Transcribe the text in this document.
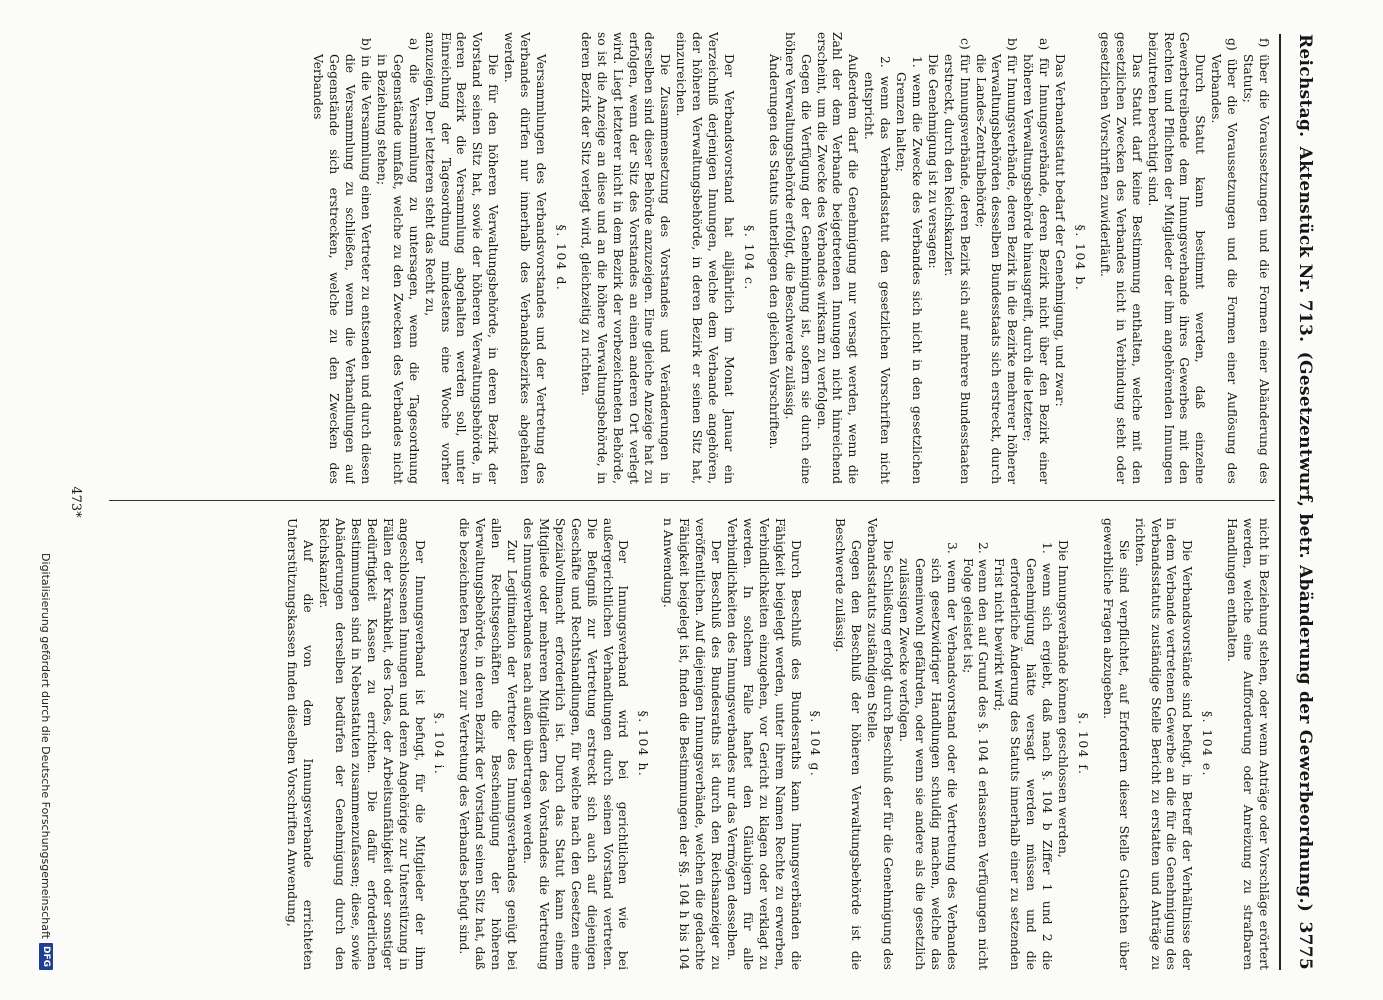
Reichstag.
Aktenstück Nr. 713.
(Gesetzentwurf, betr. Abänderung der Gewerbeordnung.)
3775

f) über die Voraussetzungen und die Formen einer Abänderung des Statuts;

g) über die Voraussetzungen und die Formen einer Auflösung des Verbandes.

Durch Statut kann bestimmt werden, daß einzelne Gewerbetreibende dem Innungsverbande ihres Gewerbes mit den Rechten und Pflichten der Mitglieder der ihm angehörenden Innungen beizutreten berechtigt sind.

Das Statut darf keine Bestimmung enthalten, welche mit den gesetzlichen Zwecken des Verbandes nicht in Verbindung steht oder gesetzlichen Vorschriften zuwiderläuft.

§. 104 b.

Das Verbandsstatut bedarf der Genehmigung, und zwar:

a) für Innungsverbände, deren Bezirk nicht über den Bezirk einer höheren Verwaltungsbehörde hinausgreift, durch die letztere;

b) für Innungsverbände, deren Bezirk in die Bezirke mehrerer höherer Verwaltungsbehörden desselben Bundesstaats sich erstreckt, durch die Landes-Zentralbehörde;

c) für Innungsverbände, deren Bezirk sich auf mehrere Bundesstaaten erstreckt, durch den Reichskanzler.

Die Genehmigung ist zu versagen:

1. wenn die Zwecke des Verbandes sich nicht in den gesetzlichen Grenzen halten;

2. wenn das Verbandsstatut den gesetzlichen Vorschriften nicht entspricht.

Außerdem darf die Genehmigung nur versagt werden, wenn die Zahl der dem Verbande beigetretenen Innungen nicht hinreichend erscheint, um die Zwecke des Verbandes wirksam zu verfolgen.

Gegen die Verfügung der Genehmigung ist, sofern sie durch eine höhere Verwaltungsbehörde erfolgt, die Beschwerde zulässig.

Änderungen des Statuts unterliegen den gleichen Vorschriften.

§. 104 c.

Der Verbandsvorstand hat alljährlich im Monat Januar ein Verzeichniß derjenigen Innungen, welche dem Verbande angehören, der höheren Verwaltungsbehörde, in deren Bezirk er seinen Sitz hat, einzureichen.

Die Zusammensetzung des Vorstandes und Veränderungen in derselben sind dieser Behörde anzuzeigen. Eine gleiche Anzeige hat zu erfolgen, wenn der Sitz des Vorstandes an einen anderen Ort verlegt wird. Liegt letzterer nicht in dem Bezirk der vorbezeichneten Behörde, so ist die Anzeige an diese und an die höhere Verwaltungsbehörde, in deren Bezirk der Sitz verlegt wird, gleichzeitig zu richten.

§. 104 d.

Versammlungen des Verbandsvorstandes und der Vertretung des Verbandes dürfen nur innerhalb des Verbandsbezirkes abgehalten werden.

Die für den höheren Verwaltungsbehörde, in deren Bezirk der Vorstand seinen Sitz hat, sowie der höheren Verwaltungsbehörde, in deren Bezirk die Versammlung abgehalten werden soll, unter Einreichung der Tagesordnung mindestens eine Woche vorher anzuzeigen. Der letzteren steht das Recht zu,

a) die Versammlung zu untersagen, wenn die Tagesordnung Gegenstände umfaßt, welche zu den Zwecken des Verbandes nicht in Beziehung stehen;

b) in die Versammlung einen Vertreter zu entsenden und durch diesen die Versammlung zu schließen, wenn die Verhandlungen auf Gegenstände sich erstrecken, welche zu den Zwecken des Verbandes

nicht in Beziehung stehen, oder wenn Anträge oder Vorschläge erörtert werden, welche eine Aufforderung oder Anreizung zu strafbaren Handlungen enthalten.

§. 104 e.

Die Verbandsvorstände sind befugt, in Betreff der Verhältnisse der in dem Verbande vertretenen Gewerbe an die für die Genehmigung des Verbandsstatuts zuständige Stelle Bericht zu erstatten und Anträge zu richten.

Sie sind verpflichtet, auf Erfordern dieser Stelle Gutachten über gewerbliche Fragen abzugeben.

§. 104 f.

Die Innungsverbände können geschlossen werden,

1. wenn sich ergiebt, daß nach §. 104 b Ziffer 1 und 2 die Genehmigung hätte versagt werden müssen und die erforderliche Änderung des Statuts innerhalb einer zu setzenden Frist nicht bewirkt wird;

2. wenn den auf Grund des §. 104 d erlassenen Verfügungen nicht Folge geleistet ist;

3. wenn der Verbandsvorstand oder die Vertretung des Verbandes sich gesetzwidriger Handlungen schuldig machen, welche das Gemeinwohl gefährden, oder wenn sie andere als die gesetzlich zulässigen Zwecke verfolgen.

Die Schließung erfolgt durch Beschluß der für die Genehmigung des Verbandsstatuts zuständigen Stelle.

Gegen den Beschluß der höheren Verwaltungsbehörde ist die Beschwerde zulässig.

§. 104 g.

Durch Beschluß des Bundesraths kann Innungsverbänden die Fähigkeit beigelegt werden, unter ihrem Namen Rechte zu erwerben, Verbindlichkeiten einzugehen, vor Gericht zu klagen oder verklagt zu werden. In solchem Falle haftet den Gläubigern für alle Verbindlichkeiten des Innungsverbandes nur das Vermögen desselben.

Der Beschluß des Bundesraths ist durch den Reichsanzeiger zu veröffentlichen. Auf diejenigen Innungsverbände, welchen die gedachte Fähigkeit beigelegt ist, finden die Bestimmungen der §§. 104 h bis 104 n Anwendung.

§. 104 h.

Der Innungsverband wird bei gerichtlichen wie bei außergerichtlichen Verhandlungen durch seinen Vorstand vertreten. Die Befugniß zur Vertretung erstreckt sich auch auf diejenigen Geschäfte und Rechtshandlungen, für welche nach den Gesetzen eine Spezialvollmacht erforderlich ist. Durch das Statut kann einem Mitgliede oder mehreren Mitgliedern des Vorstandes die Vertretung des Innungsverbandes nach außen übertragen werden.

Zur Legitimation der Vertreter des Innungsverbandes genügt bei allen Rechtsgeschäften die Bescheinigung der höheren Verwaltungsbehörde, in deren Bezirk der Vorstand seinen Sitz hat, daß die bezeichneten Personen zur Vertretung des Verbandes befugt sind.

§. 104 i.

Der Innungsverband ist befugt, für die Mitglieder der ihm angeschlossenen Innungen und deren Angehörige zur Unterstützung in Fällen der Krankheit, des Todes, der Arbeitsunfähigkeit oder sonstiger Bedürftigkeit Kassen zu errichten. Die dafür erforderlichen Bestimmungen sind in Nebenstatuten zusammenzufassen; diese, sowie Abänderungen derselben bedürfen der Genehmigung durch den Reichskanzler.

Auf die von dem Innungsverbande errichteten Unterstützungskassen finden dieselben Vorschriften Anwendung,

473*
Digitalisierung gefördert durch die Deutsche Forschungsgemeinschaft
DFG
